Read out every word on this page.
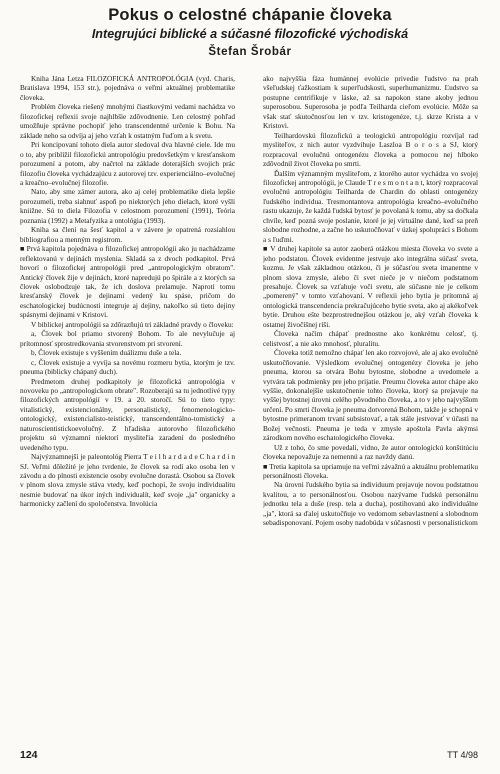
Pokus o celostné chápanie človeka
Integrujúci biblické a súčasné filozofické východiská
Štefan Šrobár

Kniha Jána Letza FILOZOFICKÁ ANTROPOLÓGIA (vyd. Charis, Bratislava 1994, 153 str.), pojednáva o veľmi aktuálnej problematike človeka.

Problém človeka riešený mnohými čiastkovými vedami nachádza vo filozofickej reflexii svoje najhlbšie zdôvodnenie. Len celostný pohľad umožňuje správne pochopiť jeho transcendentné určenie k Bohu. Na základe neho sa odvíja aj jeho vzťah k ostatným ľuďom a k svetu.

Pri koncipovaní tohoto diela autor sledoval dva hlavné ciele. Ide mu o to, aby priblížil filozofickú antropológiu predovšetkým v kresťanskom porozumení a potom, aby načrtol na základe doterajších svojich prác filozofiu človeka vychádzajúcu z autorovej tzv. experienciálno–evolučnej a kreačno–evolučnej filozofie.

Nato, aby sme zámer autora, ako aj celej problematike diela lepšie porozumeli, treba siahnuť aspoň po niektorých jeho dielach, ktoré vyšli kniižne. Sú to diela Filozofia v celostnom porozumení (1991), Teória poznania (1992) a Metafyzika a ontológia (1993).

Kniha sa člení na šesť kapitol a v závere je opatrená rozsiahlou bibliografiou a menným registrom.

■ Prvá kapitola pojednáva o filozofickej antropológii ako ju nachádzame reflektovanú v dejinách myslenia. Skladá sa z dvoch podkapitol. Prvá hovorí o filozofickej antropológii pred „antropologickým obratom". Antický človek žije v dejinách, ktoré napredujú po špirále a z ktorých sa človek oslobodzuje tak, že ich doslova prelamuje. Naproti tomu kresťanský človek je dejinami vedený ku spáse, pričom do eschatologickej budúcnosti integruje aj dejiny, nakoľko sú tieto dejiny spásnymi dejinami v Kristovi.

V biblickej antropológii sa zdôrazňujú tri základné pravdy o človeku:

a, Človek bol priamo stvorený Bohom. To ale nevylučuje aj prítomnosť sprostredkovania stvorenstvom pri stvorení.

b, Človek existuje s vyššením duálizmu duše a tela.

c, Človek existuje a vyvíja sa novému rozmeru bytia, ktorým je tzv. pneuma (biblicky chápaný duch).

Predmetom druhej podkapitoly je filozofická antropológia v novoveku po „antropologickom obrate". Rozoberajú sa tu jednotlivé typy filozofických antropológií v 19. a 20. storočí. Sú to tieto typy: vitalistický, existencionálny, personalistický, fenomenologicko-ontologický, existencialisto-teistický, transcendentálno-tomistický a naturoscientistickoevolučný. Z hľadiska autorovho filozofického projektu sú významní niektorí mysliteľia zaradení do posledného uvedeného typu.

Najvýznamnejší je paleontológ Pierra T e i l h a r d a d e C h a r d i n SJ. Veľmi dôležité je jeho tvrdenie, že človek sa rodí ako osoba len v závodu a do plnosti existencie osoby evolučne dorastá. Osobou sa človek v plnom slova zmysle stáva vtedy, keď pochopí, že svoju individualitu nesmie budovať na úkor iných individualít, keď svoje „ja" organicky a harmonicky začlení do spoločenstva. Involúcia

ako najvyššia fáza humánnej evolúcie privedie ľudstvo na prah všeľudskej ťažkostiam k superľudskosti, superhumanizmu. Ľudstvo sa postupne centrifikuje v láske, až sa napokon stane akoby jednou superosobou. Superosoba je podľa Teilharda cieľom evolúcie. Môže sa však stať skutočnosťou len v tzv. kristogenéze, t.j. skrze Krista a v Kristovi.

Teilhardovskú filozofickú a teologickú antropológiu rozvíjal rad mysliteľov, z nich autor vyzdvihuje Laszloa B o r o s a SJ, ktorý rozpracoval evolučnú ontogenézu človeka a pomocou nej hlboko zdôvodnil život človeka po smrti.

Ďalším významným mysliteľom, z ktorého autor vychádza vo svojej filozofickej antropológii, je Claude T r e s m o n t a n t, ktorý rozpracoval evolučnú antropológiu Teilharda de Chardin do oblasti ontogenézy ľudského individua. Tresmontantova antropológia kreačno–evolučného rastu ukazuje, že každá ľudská bytosť je povolaná k tomu, aby sa dočkala chvíle, keď pozná svoje poslanie, ktoré je jej virtuálne dané, keď sa preň slobodne rozhodne, a začne ho uskutočňovať v úzkej spolupráci s Bohom a s ľuďmi.

■ V druhej kapitole sa autor zaoberá otázkou miesta človeka vo svete a jeho podstatou. Človek evidentne jestvuje ako integrálna súčasť sveta, kozmu. Je však základnou otázkou, či je súčasťou sveta imanentne v plnom slova zmysle, alebo či svet nieče je v niečom podstatnom presahuje. Človek sa vzťahuje voči svetu, ale súčasne nie je celkom „pomerený" v tomto vzťahovaní. V reflexii jeho bytia je prítomná aj ontologická transcendencia prekračujúceho bytie sveta, ako aj akékoľvek bytie. Druhou ešte bezprostrednejšou otázkou je, aký vzťah človeka k ostatnej živočíšnej ríši.

Človeka načim chápať prednostne ako konkrétnu celosť, tj. celistvosť, a nie ako mnohosť, pluralitu.

Človeka totiž nemožno chápať len ako rozvojové, ale aj ako evolučné uskutočňovanie. Výsledkom evolučnej ontogenézy človeka je jeho pneuma, ktorou sa otvára Bohu bytostne, slobodne a uvedomele a vytvára tak podmienky pre jeho prijatie. Preumu človeka autor chápe ako vyššie, dokonalejšie uskutočnenie tohto človeka, ktorý sa prejavuje na vyššej bytostnej úrovni celého pôvodného človeka, a to v jeho najvyššom určení. Po smrti človeka je pneuma dotvorená Bohom, takže je schopná v bytostne primeranom trvaní subsistovať, a tak stále jestvovať v účasti na Božej večnosti. Pneuma je teda v zmysle apoštola Pavla akýmsi zárodkom nového eschatologického človeka.

Už z toho, čo sme povedali, vidno, že autor ontologickú konštitúciu človeka nepovažuje za nemennú a raz navždy danú.

■ Tretia kapitola sa upriamuje na veľmi závažnú a aktuálnu problematiku personálnosti človeka.

Na úrovni ľudského bytia sa individuum prejavuje novou podstatnou kvalitou, a to personálnosťou. Osobou nazývame ľudskú personálnu jednotku tela a duše (resp. tela a ducha), postihovanú ako individuálne „ja", ktorá sa ďalej uskutočňuje vo vedomom sebavlastnení a slobodnom sebadisponovaní. Pojem osoby nadobúda v súčasnosti v personalistickom

124	TT 4/98
